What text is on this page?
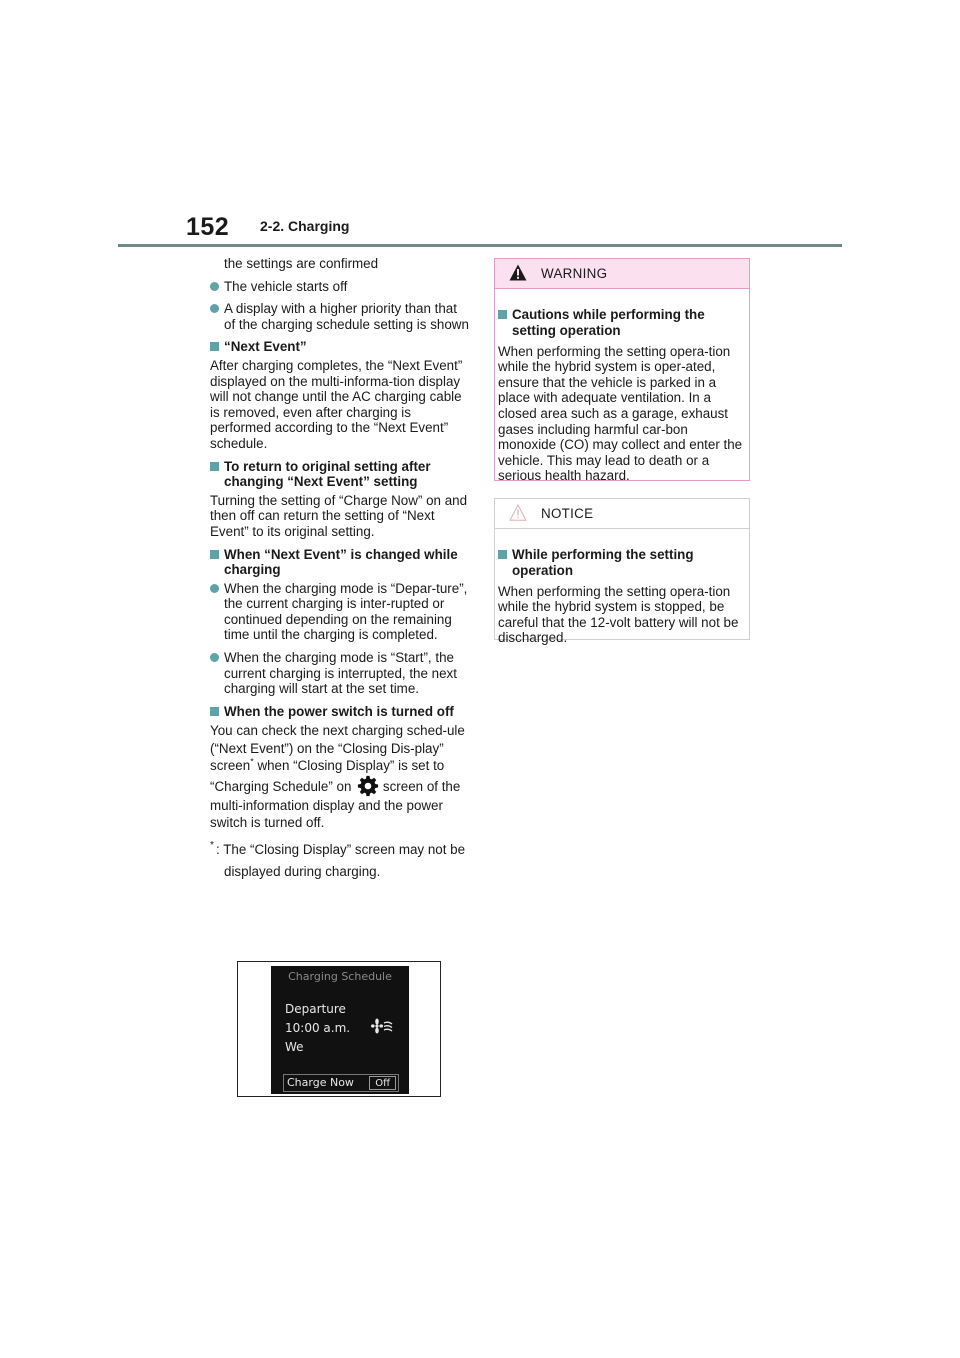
152 2-2. Charging

the settings are confirmed

The vehicle starts off

A display with a higher priority than that of the charging schedule setting is shown

“Next Event”

After charging completes, the “Next Event” displayed on the multi-informa-tion display will not change until the AC charging cable is removed, even after charging is performed according to the “Next Event” schedule.

To return to original setting after changing “Next Event” setting

Turning the setting of “Charge Now” on and then off can return the setting of “Next Event” to its original setting.

When “Next Event” is changed while charging

When the charging mode is “Depar-ture”, the current charging is inter-rupted or continued depending on the remaining time until the charging is completed.

When the charging mode is “Start”, the current charging is interrupted, the next charging will start at the set time.

When the power switch is turned off

You can check the next charging sched-ule (“Next Event”) on the “Closing Dis-play” screen* when “Closing Display” is set to “Charging Schedule” on screen of the multi-information display and the power switch is turned off.

* : The “Closing Display” screen may not be displayed during charging.

Charging Schedule
Departure
10:00 a.m.
We
Charge Now	Off
WARNING

Cautions while performing the setting operation

When performing the setting opera-tion while the hybrid system is oper-ated, ensure that the vehicle is parked in a place with adequate ventilation. In a closed area such as a garage, exhaust gases including harmful car-bon monoxide (CO) may collect and enter the vehicle. This may lead to death or a serious health hazard.

NOTICE

While performing the setting operation

When performing the setting opera-tion while the hybrid system is stopped, be careful that the 12-volt battery will not be discharged.
